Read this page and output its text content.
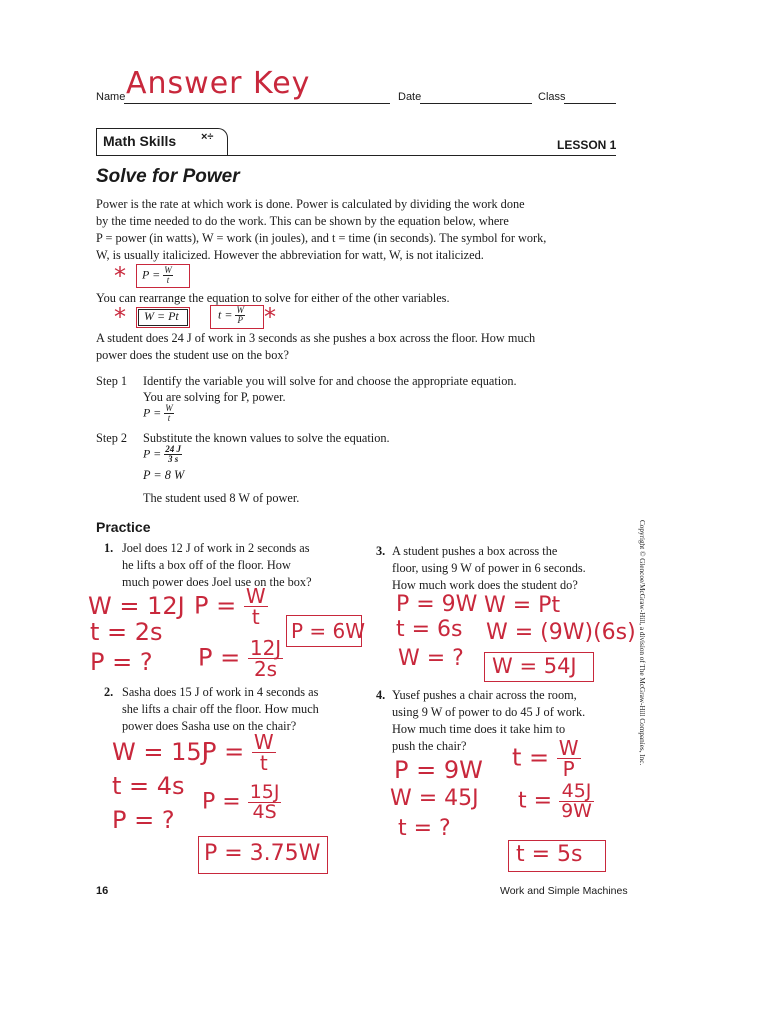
Name Answer Key	Date	Class
Math Skills ×÷
LESSON 1
Solve for Power
Power is the rate at which work is done. Power is calculated by dividing the work done
by the time needed to do the work. This can be shown by the equation below, where
P = power (in watts), W = work (in joules), and t = time (in seconds). The symbol for work,
W, is usually italicized. However the abbreviation for watt, W, is not italicized.
* $P = \frac{W}{t}$
You can rearrange the equation to solve for either of the other variables.
* W = Pt	$t = \frac{W}{P}$ *
A student does 24 J of work in 3 seconds as she pushes a box across the floor. How much
power does the student use on the box?
Step 1 Identify the variable you will solve for and choose the appropriate equation.
You are solving for P, power.
$P = \frac{W}{t}$
Step 2 Substitute the known values to solve the equation.
$P = \frac{24 J}{3 s}$
P = 8 W
The student used 8 W of power.
Practice
1. Joel does 12 J of work in 2 seconds as
he lifts a box off of the floor. How
much power does Joel use on the box?
W = 12J
t = 2s
P = ?
$P = \frac{W}{t}$
$P = \frac{12J}{2s}$
P = 6W
2. Sasha does 15 J of work in 4 seconds as
she lifts a chair off the floor. How much
power does Sasha use on the chair?
W = 15J
t = 4s
P = ?
$P = \frac{W}{t}$
$P = \frac{15J}{4S}$
P = 3.75W
3. A student pushes a box across the
floor, using 9 W of power in 6 seconds.
How much work does the student do?
P = 9W
t = 6s
W = ?
W = Pt
W = (9W)(6s)
W = 54J
4. Yusef pushes a chair across the room,
using 9 W of power to do 45 J of work.
How much time does it take him to
push the chair?
P = 9W
W = 45J
t = ?
$t = \frac{W}{P}$
$t = \frac{45J}{9W}$
t = 5s
Copyright © Glencoe/McGraw-Hill, a division of The McGraw-Hill Companies, Inc.
16	Work and Simple Machines
